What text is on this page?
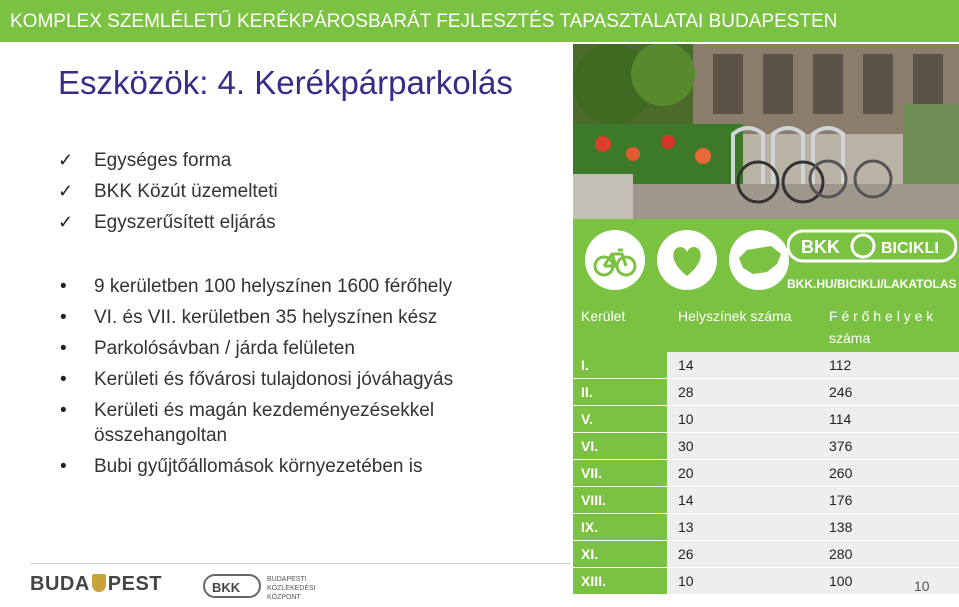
KOMPLEX SZEMLÉLETŰ KERÉKPÁROSBARÁT FEJLESZTÉS TAPASZTALATAI BUDAPESTEN
Eszközök: 4. Kerékpárparkolás
✓ Egységes forma
✓ BKK Közút üzemelteti
✓ Egyszerűsített eljárás
• 9 kerületben 100 helyszínen 1600 férőhely
• VI. és VII. kerületben 35 helyszínen kész
• Parkolósávban / járda felületen
• Kerületi és fővárosi tulajdonosi jóváhagyás
• Kerületi és magán kezdeményezésekkel összehangoltan
• Bubi gyűjtőállomások környezetében is
BKK	BICIKLI
BKK.HU/BICIKLI/LAKATOLAS
Kerület	Helyszínek száma	F é r ő h e l y e k
száma
I.	14	112
II.	28	246
V.	10	114
VI.	30	376
VII.	20	260
VIII.	14	176
IX.	13	138
XI.	26	280
XIII.	10	100
BUDA PEST	BKK
BUDAPESTI
KÖZLEKEDÉSI
KÖZPONT
10
